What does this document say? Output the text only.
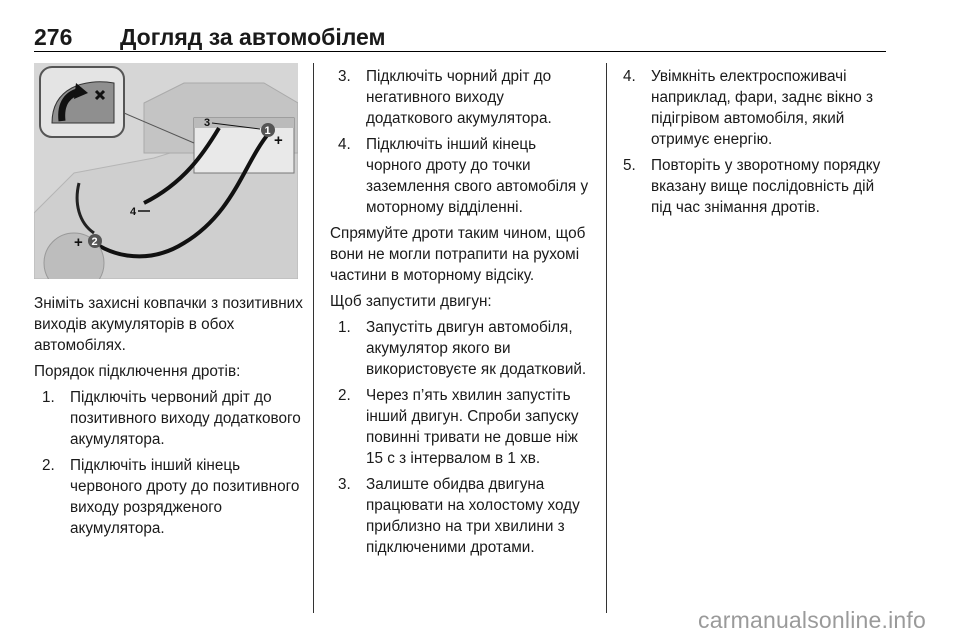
276 Догляд за автомобілем
1
+
3
4
+ 2

Зніміть захисні ковпачки з позитивних виходів акумуляторів в обох автомобілях.

Порядок підключення дротів:

1. Підключіть червоний дріт до позитивного виходу додаткового акумулятора.
2. Підключіть інший кінець червоного дроту до позитивного виходу розрядженого акумулятора.
3. Підключіть чорний дріт до негативного виходу додаткового акумулятора.
4. Підключіть інший кінець чорного дроту до точки заземлення свого автомобіля у моторному відділенні.

Спрямуйте дроти таким чином, щоб вони не могли потрапити на рухомі частини в моторному відсіку.

Щоб запустити двигун:

1. Запустіть двигун автомобіля, акумулятор якого ви використовуєте як додатковий.
2. Через п’ять хвилин запустіть інший двигун. Спроби запуску повинні тривати не довше ніж 15 с з інтервалом в 1 хв.
3. Залиште обидва двигуна працювати на холостому ходу приблизно на три хвилини з підключеними дротами.
4. Увімкніть електроспоживачі наприклад, фари, заднє вікно з підігрівом автомобіля, який отримує енергію.
5. Повторіть у зворотному порядку вказану вище послідовність дій під час знімання дротів.
carmanualsonline.info
